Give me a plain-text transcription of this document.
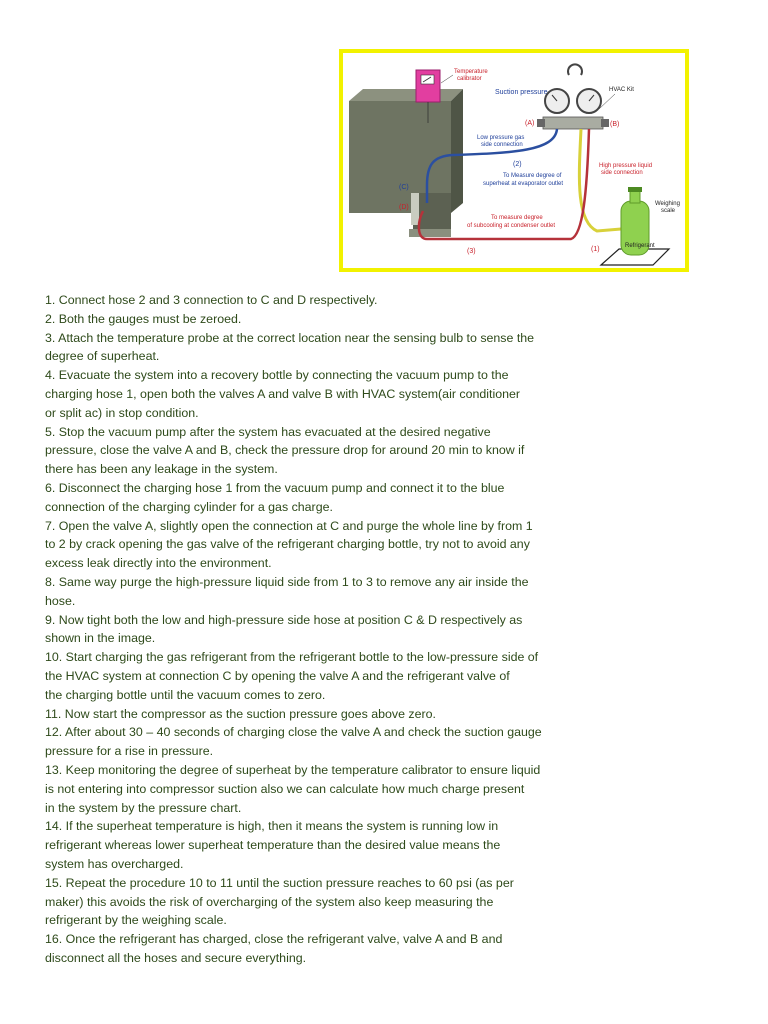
Temperature calibrator
Suction pressure	HVAC Kit
(A)	(B)
Low pressure gas side connection
(2)
To Measure degree of superheat at evaporator outlet
High pressure liquid side connection
(C)
(D)
To measure degree of subcooling at condenser outlet
Weighing scale
Refrigerant
(3)	(1)
1. Connect hose 2 and 3 connection to C and D respectively.
2. Both the gauges must be zeroed.
3. Attach the temperature probe at the correct location near the sensing bulb to sense the
degree of superheat.
4. Evacuate the system into a recovery bottle by connecting the vacuum pump to the
charging hose 1, open both the valves A and valve B with HVAC system(air conditioner
or split ac) in stop condition.
5. Stop the vacuum pump after the system has evacuated at the desired negative
pressure, close the valve A and B, check the pressure drop for around 20 min to know if
there has been any leakage in the system.
6. Disconnect the charging hose 1 from the vacuum pump and connect it to the blue
connection of the charging cylinder for a gas charge.
7. Open the valve A, slightly open the connection at C and purge the whole line by from 1
to 2 by crack opening the gas valve of the refrigerant charging bottle, try not to avoid any
excess leak directly into the environment.
8. Same way purge the high-pressure liquid side from 1 to 3 to remove any air inside the
hose.
9. Now tight both the low and high-pressure side hose at position C & D respectively as
shown in the image.
10. Start charging the gas refrigerant from the refrigerant bottle to the low-pressure side of
the HVAC system at connection C by opening the valve A and the refrigerant valve of
the charging bottle until the vacuum comes to zero.
11. Now start the compressor as the suction pressure goes above zero.
12. After about 30 – 40 seconds of charging close the valve A and check the suction gauge
pressure for a rise in pressure.
13. Keep monitoring the degree of superheat by the temperature calibrator to ensure liquid
is not entering into compressor suction also we can calculate how much charge present
in the system by the pressure chart.
14. If the superheat temperature is high, then it means the system is running low in
refrigerant whereas lower superheat temperature than the desired value means the
system has overcharged.
15. Repeat the procedure 10 to 11 until the suction pressure reaches to 60 psi (as per
maker) this avoids the risk of overcharging of the system also keep measuring the
refrigerant by the weighing scale.
16. Once the refrigerant has charged, close the refrigerant valve, valve A and B and
disconnect all the hoses and secure everything.
